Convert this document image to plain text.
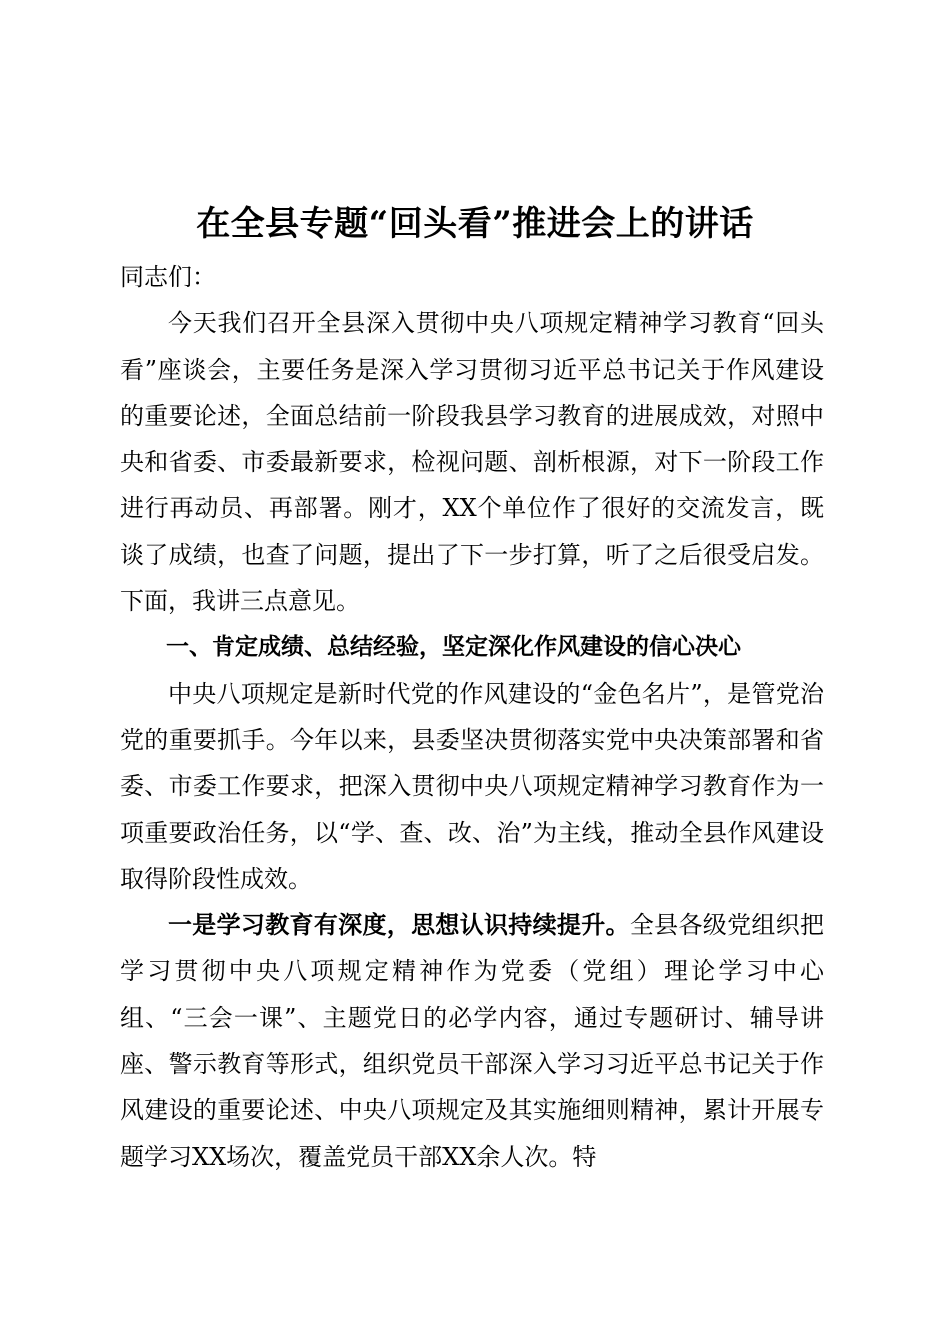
在全县专题“回头看”推进会上的讲话

同志们：

今天我们召开全县深入贯彻中央八项规定精神学习教育“回头看”座谈会，主要任务是深入学习贯彻习近平总书记关于作风建设的重要论述，全面总结前一阶段我县学习教育的进展成效，对照中央和省委、市委最新要求，检视问题、剖析根源，对下一阶段工作进行再动员、再部署。刚才，XX个单位作了很好的交流发言，既谈了成绩，也查了问题，提出了下一步打算，听了之后很受启发。下面，我讲三点意见。

一、肯定成绩、总结经验，坚定深化作风建设的信心决心

中央八项规定是新时代党的作风建设的“金色名片”，是管党治党的重要抓手。今年以来，县委坚决贯彻落实党中央决策部署和省委、市委工作要求，把深入贯彻中央八项规定精神学习教育作为一项重要政治任务，以“学、查、改、治”为主线，推动全县作风建设取得阶段性成效。

一是学习教育有深度，思想认识持续提升。全县各级党组织把学习贯彻中央八项规定精神作为党委（党组）理论学习中心组、“三会一课”、主题党日的必学内容，通过专题研讨、辅导讲座、警示教育等形式，组织党员干部深入学习习近平总书记关于作风建设的重要论述、中央八项规定及其实施细则精神，累计开展专题学习XX场次，覆盖党员干部XX余人次。特
